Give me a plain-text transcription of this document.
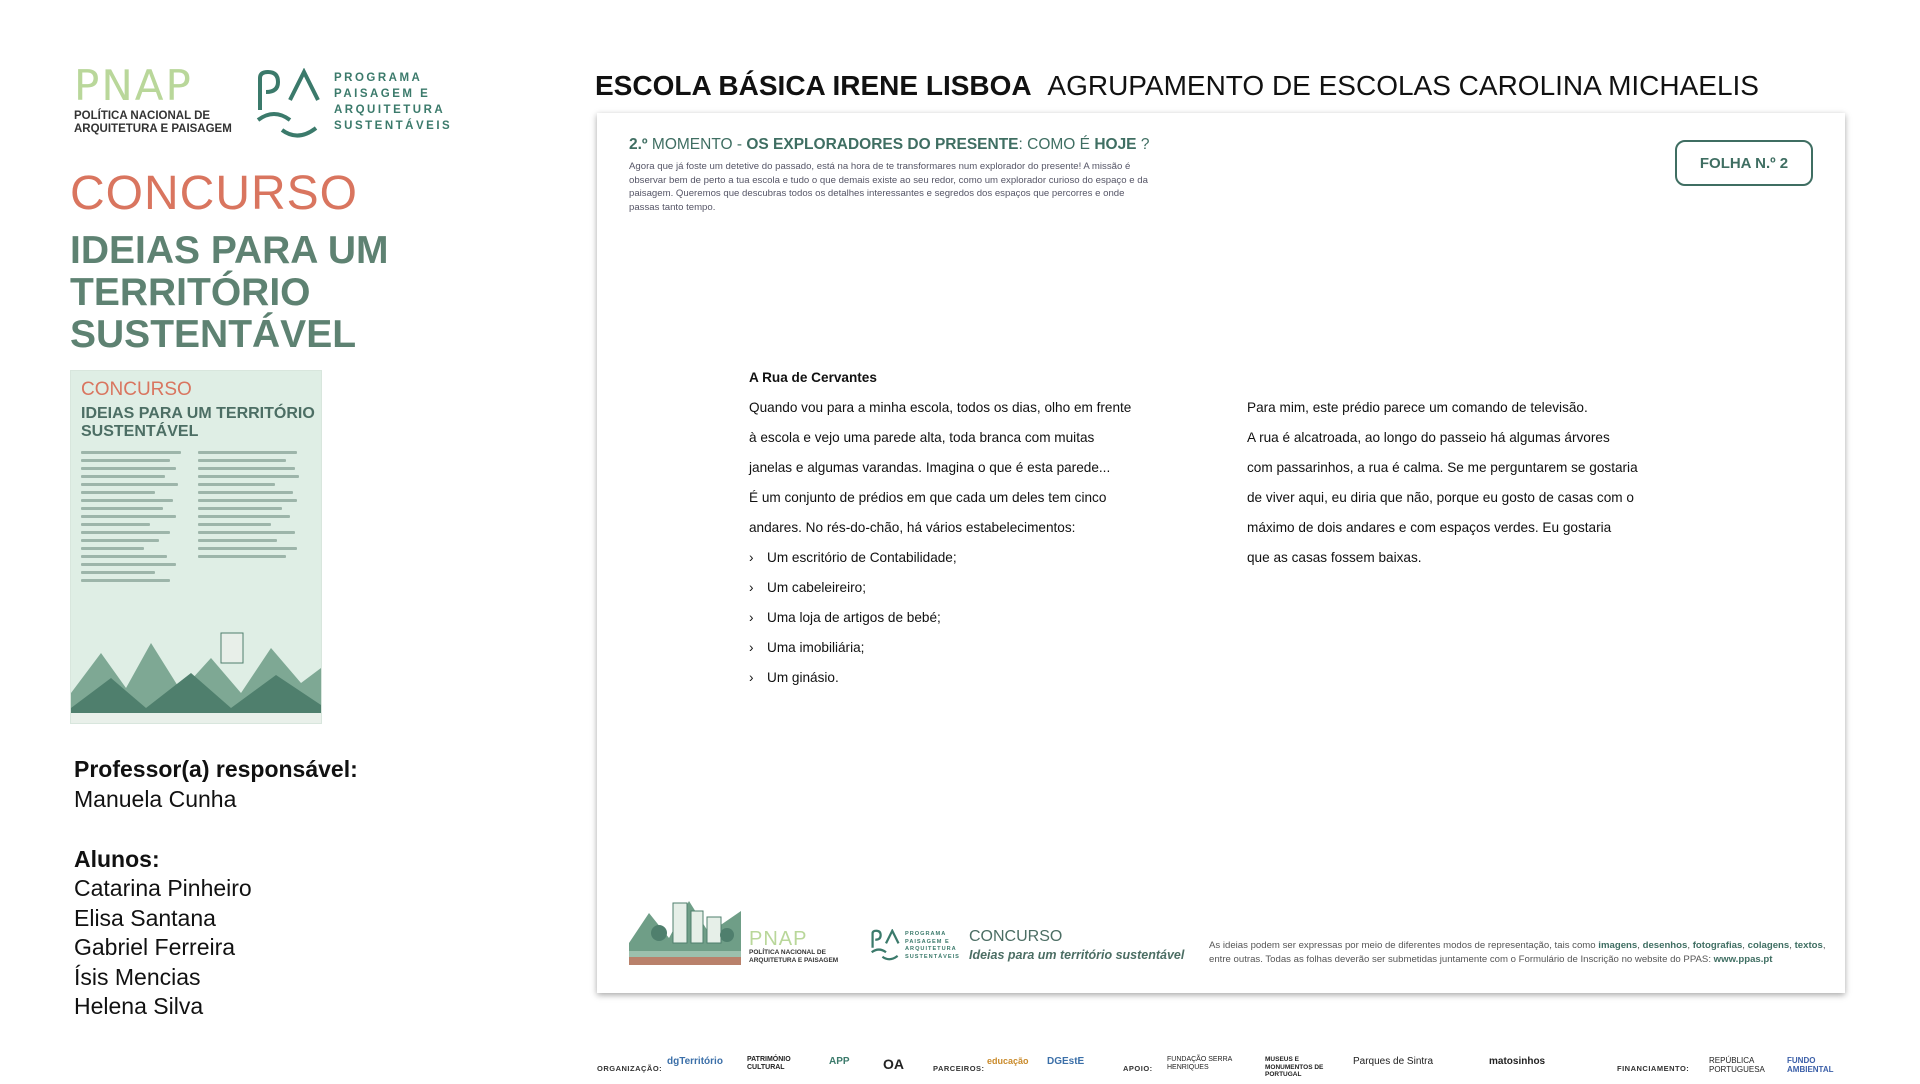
PNAP
POLÍTICA NACIONAL DE
ARQUITETURA E PAISAGEM
PROGRAMA
PAISAGEM E
ARQUITETURA
SUSTENTÁVEIS
CONCURSO
IDEIAS PARA UM
TERRITÓRIO
SUSTENTÁVEL
CONCURSO
IDEIAS PARA UM TERRITÓRIO SUSTENTÁVEL
Professor(a) responsável:
Manuela Cunha
Alunos:
Catarina Pinheiro
Elisa Santana
Gabriel Ferreira
Ísis Mencias
Helena Silva
ESCOLA BÁSICA IRENE LISBOA AGRUPAMENTO DE ESCOLAS CAROLINA MICHAELIS
2.º MOMENTO - OS EXPLORADORES DO PRESENTE: COMO É HOJE ?
Agora que já foste um detetive do passado, está na hora de te transformares num explorador do presente! A missão é observar bem de perto a tua escola e tudo o que demais existe ao seu redor, como um explorador curioso do espaço e da paisagem. Queremos que descubras todos os detalhes interessantes e segredos dos espaços que percorres e onde passas tanto tempo.
FOLHA N.º 2
A Rua de Cervantes

Quando vou para a minha escola, todos os dias, olho em frente

à escola e vejo uma parede alta, toda branca com muitas

janelas e algumas varandas. Imagina o que é esta parede...

É um conjunto de prédios em que cada um deles tem cinco

andares. No rés-do-chão, há vários estabelecimentos:

› Um escritório de Contabilidade;
› Um cabeleireiro;
› Uma loja de artigos de bebé;
› Uma imobiliária;
› Um ginásio.

Para mim, este prédio parece um comando de televisão.

A rua é alcatroada, ao longo do passeio há algumas árvores

com passarinhos, a rua é calma. Se me perguntarem se gostaria

de viver aqui, eu diria que não, porque eu gosto de casas com o

máximo de dois andares e com espaços verdes. Eu gostaria

que as casas fossem baixas.

PNAP
POLÍTICA NACIONAL DE
ARQUITETURA E PAISAGEM
PROGRAMA
PAISAGEM E
ARQUITETURA
SUSTENTÁVEIS
CONCURSO
Ideias para um território sustentável
As ideias podem ser expressas por meio de diferentes modos de representação, tais como imagens, desenhos, fotografias, colagens, textos, entre outras. Todas as folhas deverão ser submetidas juntamente com o Formulário de Inscrição no website do PPAS: www.ppas.pt
ORGANIZAÇÃO:
dgTerritório	PATRIMÓNIO CULTURAL
APP OA	PARCEIROS:
educação DGEstE
APOIO:
FUNDAÇÃO SERRA HENRIQUES
MUSEUS E MONUMENTOS DE PORTUGAL
Parques de Sintra	matosinhos
FINANCIAMENTO:
REPÚBLICA PORTUGUESA
FUNDO AMBIENTAL
